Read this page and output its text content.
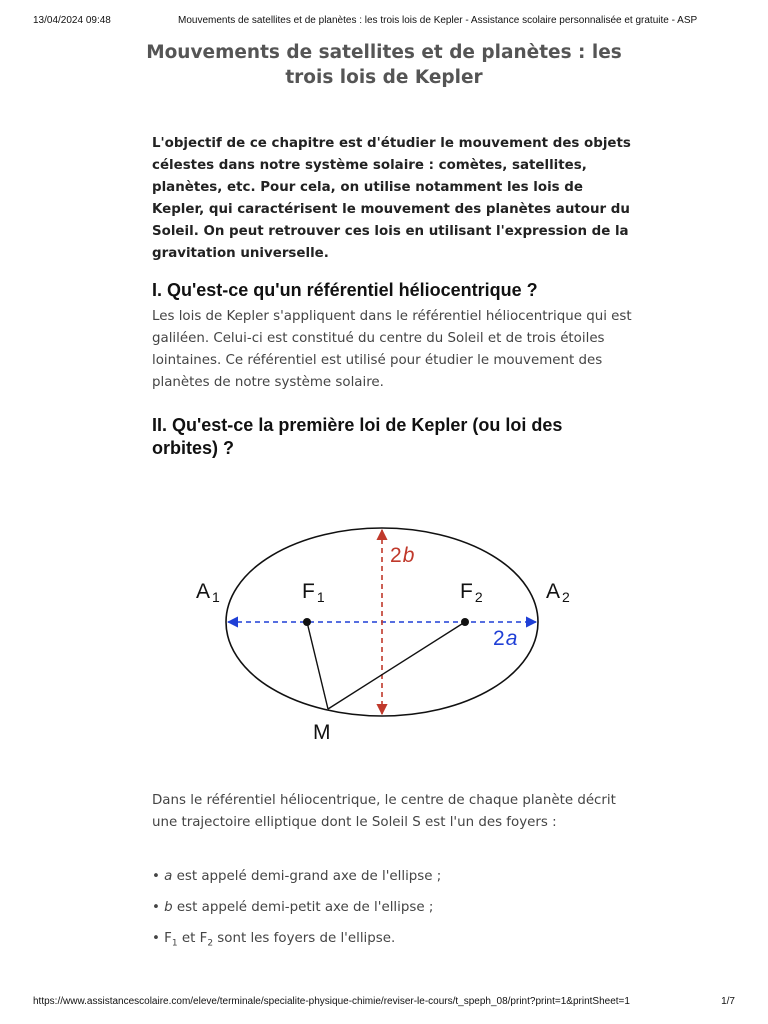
13/04/2024 09:48	Mouvements de satellites et de planètes : les trois lois de Kepler - Assistance scolaire personnalisée et gratuite - ASP
Mouvements de satellites et de planètes : les
trois lois de Kepler

L'objectif de ce chapitre est d'étudier le mouvement des objets célestes dans notre système solaire : comètes, satellites, planètes, etc. Pour cela, on utilise notamment les lois de Kepler, qui caractérisent le mouvement des planètes autour du Soleil. On peut retrouver ces lois en utilisant l'expression de la gravitation universelle.

I. Qu'est-ce qu'un référentiel héliocentrique ?

Les lois de Kepler s'appliquent dans le référentiel héliocentrique qui est galiléen. Celui-ci est constitué du centre du Soleil et de trois étoiles lointaines. Ce référentiel est utilisé pour étudier le mouvement des planètes de notre système solaire.

II. Qu'est-ce la première loi de Kepler (ou loi des orbites) ?
A 1	F 1	F 2	A 2
M
2b
2a

Dans le référentiel héliocentrique, le centre de chaque planète décrit une trajectoire elliptique dont le Soleil S est l'un des foyers :

• a est appelé demi-grand axe de l'ellipse ;
• b est appelé demi-petit axe de l'ellipse ;
• $F_1$ et $F_2$ sont les foyers de l'ellipse.
https://www.assistancescolaire.com/eleve/terminale/specialite-physique-chimie/reviser-le-cours/t_speph_08/print?print=1&printSheet=1	1/7
